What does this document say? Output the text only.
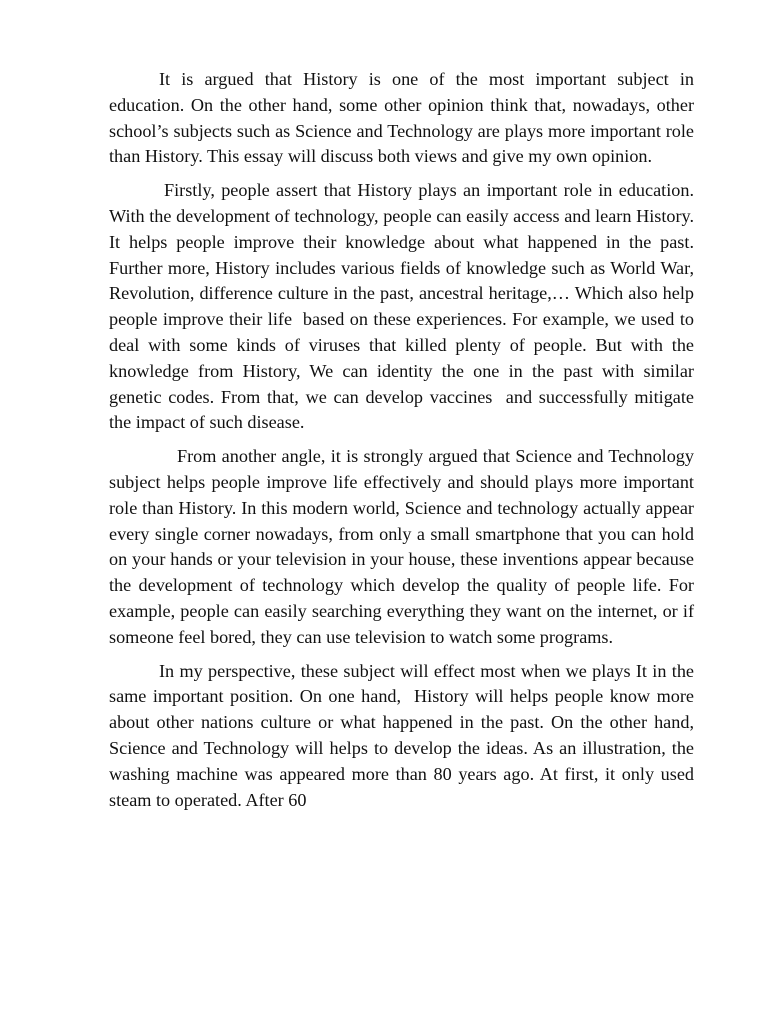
It is argued that History is one of the most important subject in education. On the other hand, some other opinion think that, nowadays, other school’s subjects such as Science and Technology are plays more important role than History. This essay will discuss both views and give my own opinion.

Firstly, people assert that History plays an important role in education. With the development of technology, people can easily access and learn History. It helps people improve their knowledge about what happened in the past. Further more, History includes various fields of knowledge such as World War, Revolution, difference culture in the past, ancestral heritage,… Which also help people improve their life  based on these experiences. For example, we used to deal with some kinds of viruses that killed plenty of people. But with the knowledge from History, We can identity the one in the past with similar genetic codes. From that, we can develop vaccines  and successfully mitigate the impact of such disease.

From another angle, it is strongly argued that Science and Technology subject helps people improve life effectively and should plays more important role than History. In this modern world, Science and technology actually appear every single corner nowadays, from only a small smartphone that you can hold on your hands or your television in your house, these inventions appear because the development of technology which develop the quality of people life. For example, people can easily searching everything they want on the internet, or if someone feel bored, they can use television to watch some programs.

In my perspective, these subject will effect most when we plays It in the same important position. On one hand,  History will helps people know more about other nations culture or what happened in the past. On the other hand, Science and Technology will helps to develop the ideas. As an illustration, the washing machine was appeared more than 80 years ago. At first, it only used steam to operated. After 60
